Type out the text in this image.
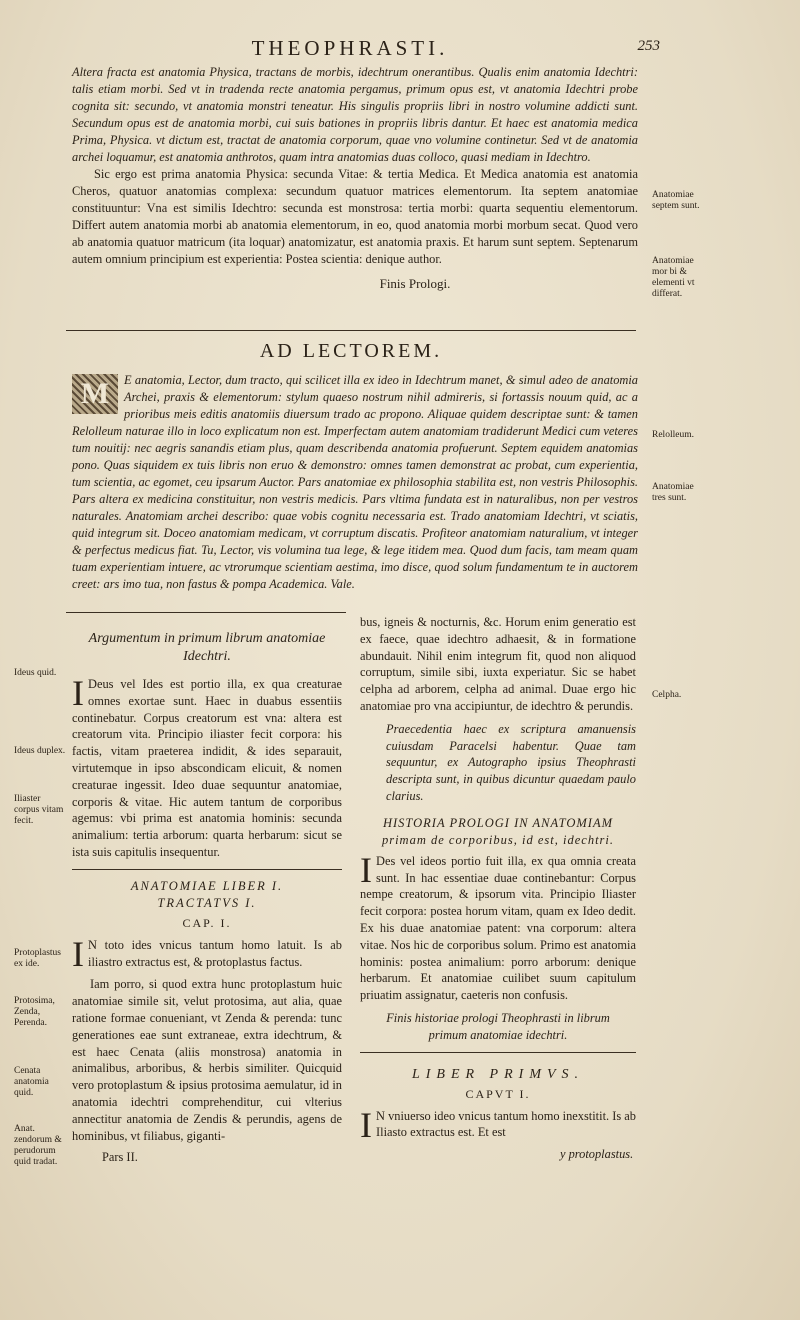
THEOPHRASTI.	253

Altera fracta est anatomia Physica, tractans de morbis, idechtrum onerantibus. Qualis enim anatomia Idechtri: talis etiam morbi. Sed vt in tradenda recte anatomia pergamus, primum opus est, vt anatomia Idechtri probe cognita sit: secundo, vt anatomia monstri teneatur. His singulis propriis libri in nostro volumine addicti sunt. Secundum opus est de anatomia morbi, cui suis bationes in propriis libris dantur. Et haec est anatomia medica Prima, Physica. vt dictum est, tractat de anatomia corporum, quae vno volumine continetur. Sed vt de anatomia archei loquamur, est anatomia anthrotos, quam intra anatomias duas colloco, quasi mediam in Idechtro.

Sic ergo est prima anatomia Physica: secunda Vitae: & tertia Medica. Et Medica anatomia est anatomia Cheros, quatuor anatomias complexa: secundum quatuor matrices elementorum. Ita septem anatomiae constituuntur: Vna est similis Idechtro: secunda est monstrosa: tertia morbi: quarta sequentiu elementorum. Differt autem anatomia morbi ab anatomia elementorum, in eo, quod anatomia morbi morbum secat. Quod vero ab anatomia quatuor matricum (ita loquar) anatomizatur, est anatomia praxis. Et harum sunt septem. Septenarum autem omnium principium est experientia: Postea scientia: denique author.

Finis Prologi.
AD LECTOREM.
M	E anatomia, Lector, dum tracto, qui scilicet illa ex ideo in Idechtrum manet, & simul adeo de anatomia Archei, praxis & elementorum: stylum quaeso nostrum nihil admireris, si fortassis nouum quid, ac a prioribus meis editis anatomiis diuersum trado ac propono. Aliquae quidem descriptae sunt: & tamen Relolleum naturae illo in loco explicatum non est. Imperfectam autem anatomiam tradiderunt Medici cum veteres tum nouitij: nec aegris sanandis etiam plus, quam describenda anatomia profuerunt. Septem equidem anatomias pono. Quas siquidem ex tuis libris non eruo & demonstro: omnes tamen demonstrat ac probat, cum experientia, tum scientia, ac egomet, ceu ipsarum Auctor. Pars anatomiae ex philosophia stabilita est, non vestris Philosophis. Pars altera ex medicina constituitur, non vestris medicis. Pars vltima fundata est in naturalibus, non per vestros naturales. Anatomiam archei describo: quae vobis cognitu necessaria est. Trado anatomiam Idechtri, vt sciatis, quid integrum sit. Doceo anatomiam medicam, vt corruptum discatis. Profiteor anatomiam naturalium, vt integer & perfectus medicus fiat. Tu, Lector, vis volumina tua lege, & lege itidem mea. Quod dum facis, tam meam quam tuam experientiam intuere, ac vtrorumque scientiam aestima, imo disce, quod solum fundamentum te in auctorem creet: ars imo tua, non fastus & pompa Academica. Vale.

Argumentum in primum librum anatomiae Idechtri.

I Deus vel Ides est portio illa, ex qua creaturae omnes exortae sunt. Haec in duabus essentiis continebatur. Corpus creatorum est vna: altera est creatorum vita. Principio iliaster fecit corpora: his factis, vitam praeterea indidit, & ides separauit, virtutemque in ipso abscondicam elicuit, & nomen creaturae ingessit. Ideo duae sequuntur anatomiae, corporis & vitae. Hic autem tantum de corporibus agemus: vbi prima est anatomia hominis: secunda animalium: tertia arborum: quarta herbarum: sicut se ista suis capitulis insequentur.

ANATOMIAE LIBER I.
TRACTATVS I.
CAP. I.

I N toto ides vnicus tantum homo latuit. Is ab iliastro extractus est, & protoplastus factus.

Iam porro, si quod extra hunc protoplastum huic anatomiae simile sit, velut protosima, aut alia, quae ratione formae conueniant, vt Zenda & perenda: tunc generationes eae sunt extraneae, extra idechtrum, & est haec Cenata (aliis monstrosa) anatomia in animalibus, arboribus, & herbis similiter. Quicquid vero protoplastum & ipsius protosima aemulatur, id in anatomia idechtri comprehenditur, cui vlterius annectitur anatomia de Zendis & perundis, agens de hominibus, vt filiabus, giganti-

Pars II.

bus, igneis & nocturnis, &c. Horum enim generatio est ex faece, quae idechtro adhaesit, & in formatione abundauit. Nihil enim integrum fit, quod non aliquod corruptum, simile sibi, iuxta experiatur. Sic se habet celpha ad arborem, celpha ad animal. Duae ergo hic anatomiae pro vna accipiuntur, de idechtro & perundis.

Praecedentia haec ex scriptura amanuensis cuiusdam Paracelsi habentur. Quae tam sequuntur, ex Autographo ipsius Theophrasti descripta sunt, in quibus dicuntur quaedam paulo clarius.

HISTORIA PROLOGI IN ANATOMIAM primam de corporibus, id est, idechtri.

I Des vel ideos portio fuit illa, ex qua omnia creata sunt. In hac essentiae duae continebantur: Corpus nempe creatorum, & ipsorum vita. Principio Iliaster fecit corpora: postea horum vitam, quam ex Ideo dedit. Ex his duae anatomiae patent: vna corporum: altera vitae. Nos hic de corporibus solum. Primo est anatomia hominis: postea animalium: porro arborum: denique herbarum. Et anatomiae cuilibet suum capitulum priuatim assignatur, caeteris non confusis.

Finis historiae prologi Theophrasti in librum primum anatomiae idechtri.

LIBER PRIMVS.
CAPVT I.

I N vniuerso ideo vnicus tantum homo inexstitit. Is ab Iliasto extractus est. Et est

y protoplastus.
Anatomiae septem sunt.
Anatomiae mor bi & elementi vt differat.
Relolleum.
Anatomiae tres sunt.
Celpha.
Ideus quid.
Ideus duplex.
Iliaster corpus vitam fecit.
Protoplastus ex ide.
Protosima, Zenda, Perenda.
Cenata anatomia quid.
Anat. zendorum & perudorum quid tradat.
